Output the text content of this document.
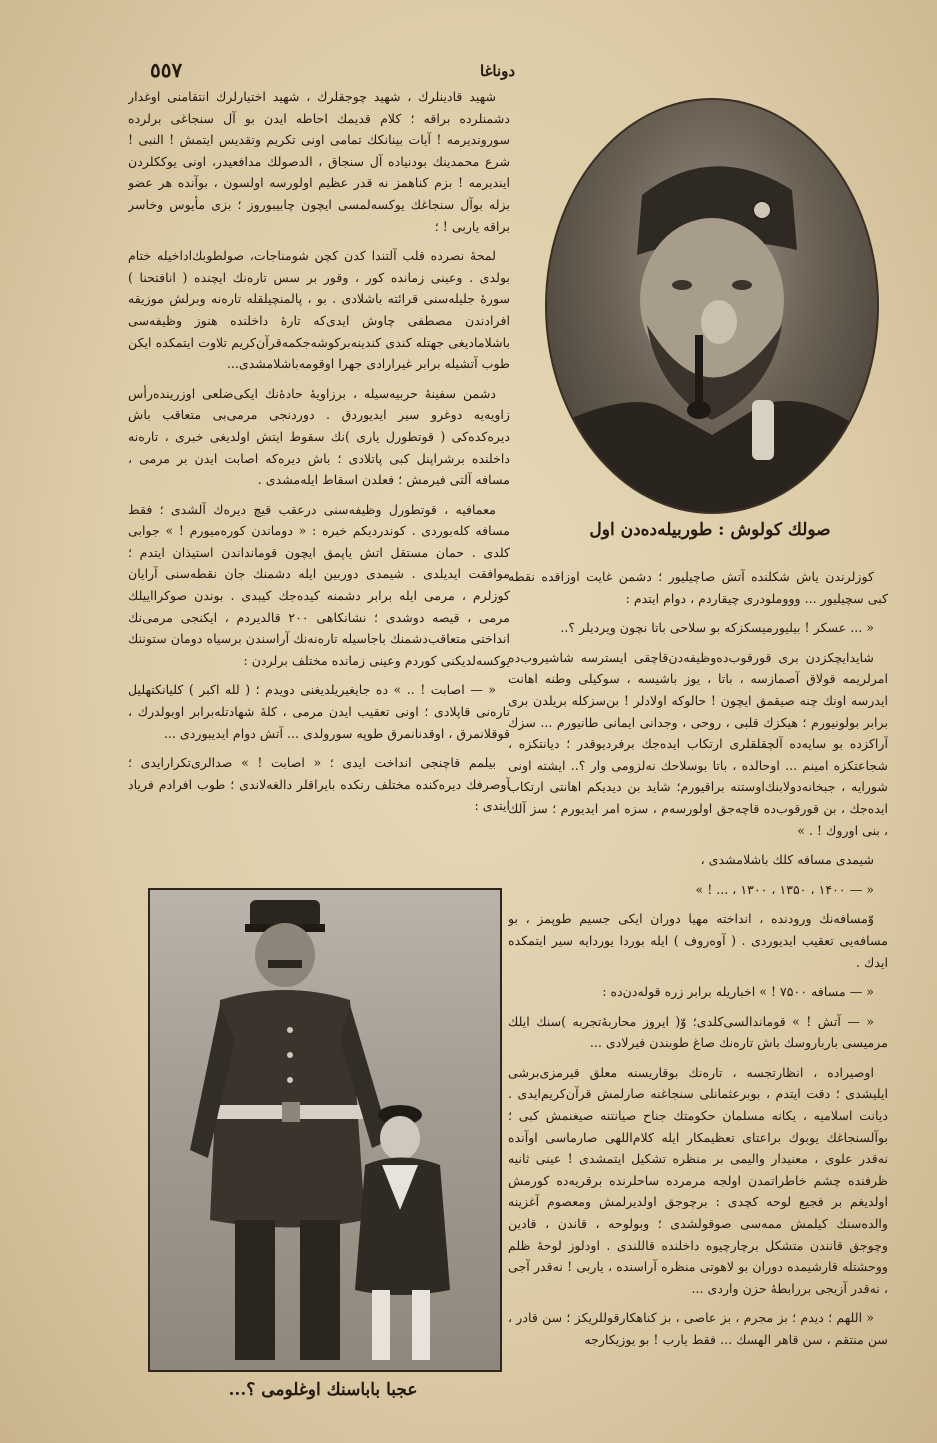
٥٥٧	دوناغا
صولك كولوش : طوربيله‌ده‌دن اول

شهید قادینلرك ، شهید چوجقلرك ، شهید اختیارلرك انتقامنی اوغدار دشمنلرده براقه ؛ كلام قدیمك احاطه ایدن بو آل سنجاغی برلرده سورونديرمه ! آیات بینانكك تمامی اونی تكریم وتقدیس ايتمش ! النبی ! شرع محمدینك بودنیاده آل سنجاق ، الدصولك مدافعیدر، اونی یوككلردن ايندیرمه ! بزم كناهمز نه قدر عظیم اولورسه اولسون ، بوآنده هر عضو بزله بوآل سنجاغك یوكسه‌لمسی ایچون چابیبوروز ؛ بزی مأیوس وخاسر براقه یاربی ! ؛

لمحهٔ نصرده قلب آلتندا كدن كچن شومناجات، صولطوبك‌اداخیله ختام بولدی . وعینی زمانده كور ، وقور بر سس تاره‌نك ایچنده ( انافتحنا ) سورهٔ جلیله‌سنی قرائته باشلادی . بو ، پالمنچیلقله تاره‌نه وبرلش موزیقه افرادندن مصطفی چاوش ایدی‌كه تارهٔ داخلنده هنوز وظیفه‌سی باشلامادیغی جهتله كندی كندینه‌برکوشه‌جکمه‌قرآن‌کریم تلاوت ایتمكده ایكن طوب آتشیله برابر غیرارادی جهرا اوقومه‌باشلامشدی...

دشمن سفینهٔ حربیه‌سیله ، برزاویهٔ حادهٔ‌نك ایكی‌ضلعی اوزرینده‌رأس زاویه‌یه دوغرو سیر ایدیوردق . دوردنجی مرمی‌بی متعاقب باش دیره‌كده‌كی ( قوتطورل یاری )نك سقوط ایتش اولدیغی خبری ، تاره‌نه داخلنده برشراپنل كبی پاتلادی ؛ باش دیره‌كه اصابت ایدن بر مرمی ، مسافه آلتی فیرمش ؛ فعلدن اسقاط ایله‌مشدی .

معمافیه ، قوتطورل وظیفه‌سنی درعقب قیچ دیره‌ك آلشدی ؛ فقط مسافه كله‌بوردی . كوندردیكم خبره : « دوماندن كوره‌میورم ! » جوابی كلدی . حمان مستقل اتش یاپمق ایچون قومانداندن استیذان ایتدم ؛ موافقت ایدیلدی . شیمدی دوربین ایله دشمنك جان نقطه‌سنی آرایان كوزلرم ، مرمی ایله برابر دشمنه كیده‌جك كیبدی . بوندن صوكرا‌اییلك مرمی ، قیصه دوشدی ؛ نشانكاهی ۲۰۰ قالدیردم ، ایكنجی مرمی‌نك انداختی متعاقب‌دشمنك باجاسیله تاره‌نه‌نك آراسندن برسیاه دومان ستوننك یوكسه‌لدیكنی كوردم وعینی زمانده مختلف برلردن :

« — اصابت ! .. » ده جایغیر‌یلدیغنی دویدم ؛ ( لله اكبر ) كلیانكتهلیل تاره‌نی قاپلادی ؛ اونی تعقیب ایدن مرمی ، كلهٔ شهادتله‌برابر اوبولدرك ، قوقلانمرق ، اوقدنانمرق طوپه سورولدی ... آتش دوام ایدیبوردی ...

بیلمم قاچنجی انداخت ایدی ؛ « اصابت ! » صدالری‌تكرارایدی ؛ آوصرفك دیره‌كنده مختلف رنكده بایراقلر دالغه‌لاندی ؛ طوب افرادم فریاد ایتدی :

كوزلرندن یاش شكلنده آتش صاچیلیور ؛ دشمن غایت اوزاقده نقطه كبی سچیلیور ... وووملودری چیقاردم ، دوام ایتدم :

« ... عسكر ! بیلیورمیسكزكه بو سلاحی باتا نچون ویردیلر ؟..

شایدایچكزدن بری قورقوب‌ده‌وظیفه‌دن‌قاچقی ایسترسه‌ شاشیروب‌ده امرلریمه قولاق آصمازسه ، باتا ، یوز باشیسه ، سوكیلی وطنه اهانت ایدرسه اونك چنه صیقمق ایچون ! حالوكه اولادلر ! بن‌سزكله بریلدن بری برابر بولونیورم ؛ هیكزك قلبی ، روحی ، وجدانی ایمانی طانیورم ... سزك آراكزده بو سایه‌ده آلچقلقلری ارتكاب ایده‌جك برفردیوقدر ؛ دیانتكزه ، شجاعتكزه امینم ... اوحالده ، باتا بوسلاحك نه‌لزومی وار ؟.. ایشته اونی شورایه ، جبخانه‌دولابنك‌اوستنه براقیورم؛ شاید بن دیدیكم اهانتی ارتكاب ایده‌جك ، بن قورقوب‌ده قاچه‌جق اولورسه‌م ، سزه امر ایدیورم ؛ سز آلك ، بنی اوروك ! . »

شیمدی مسافه كلك باشلامشدی ،

« — ۱۴۰۰ ، ۱۳۵۰ ، ۱۳۰۰ ، ... ! »

وّمسافه‌نك ورودنده ، انداخته مهیا دوران ایكی جسیم طوپمز ، بو مسافه‌یی تعقیب ایدیوردی . ( آوه‌روف ) ایله بوردا یوردایه سیر ایتمكده ایدك .

« — مسافه ۷۵۰۰ ! » اخباریله برابر زره قوله‌دن‌ده :

« — آتش ! » قوماندالسی‌كلدی؛ وّ( ایروز محاربهٔ‌تجربه )سنك ایلك مرمیسی بارباروسك باش تاره‌نك صاغ طوبندن فیرلادی ...

اوصیراده ، انظارتجسه ، تاره‌نك بوقاریسنه معلق قیرمزی‌برشی ایلیشدی ؛ دقت ایتدم ، بوبرعثمانلی سنجاغنه صارلمش قرآن‌كریم‌ایدی . دیانت اسلامیه ، یكانه مسلمان حكومتك جناح صیانتنه صیغنمش كبی ؛ بوآلسنجاغك یوبوك براعتای تعظیمكار ایله كلام‌اللهی صارماسی اوآنده نه‌قدر علوی ، معنیدار والیمی بر منظره تشكیل ایتمشدی ! عینی ثانیه ظرفنده چشم خاطراتمدن اولجه مرمرده ساحلرنده برقریه‌ده كورمش اولدیغم بر فجیع لوحه كچدی : برچوجق‌ اولدیرلمش ومعصوم آغزینه والده‌سنك كیلمش ممه‌سی صوقولشدی ؛ وبولوحه ، قاندن ، قادین وچوجق قانندن متشكل برچارچیوه داخلنده قاللندی . اودلوز لوحهٔ ظلم ووحشتله قارشیمده دوران بو لاهوتی منظره آراسنده ، یاربی ! نه‌قدر آجی ، نه‌قدر آزیجی بررابطهٔ حزن واردی ...

« اللهم ؛ دیدم ؛ بز مجرم ، بز عاصی ، بز كناهكار‌قوللریكز ؛ سن قادر ، سن منتقم ، سن قاهر الهسك ... فقط یارب ! بو یوزیكارجه

عجبا باباسنك اوغلومی ؟...
